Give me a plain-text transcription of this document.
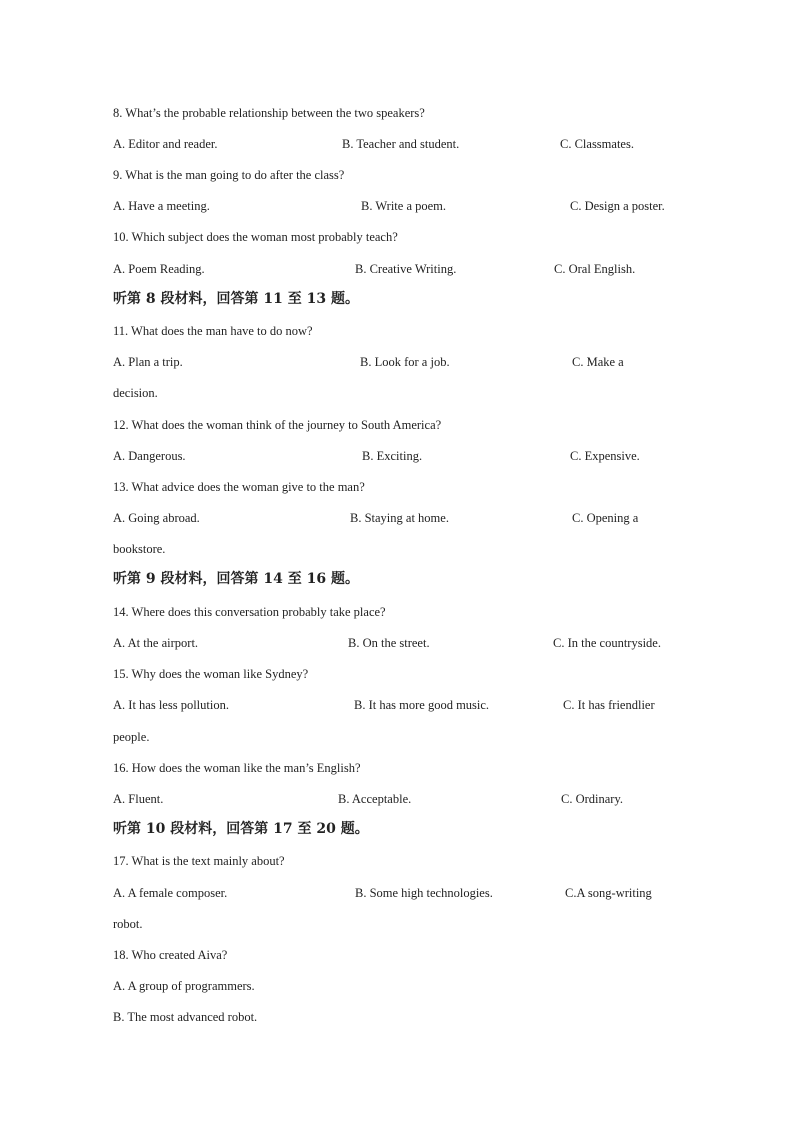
8. What’s the probable relationship between the two speakers?
A. Editor and reader.	B. Teacher and student.	C. Classmates.
9. What is the man going to do after the class?
A. Have a meeting.	B. Write a poem.	C. Design a poster.
10. Which subject does the woman most probably teach?
A. Poem Reading.	B. Creative Writing.	C. Oral English.
听第 8 段材料，回答第 11 至 13 题。
11. What does the man have to do now?
A. Plan a trip.	B. Look for a job.	C. Make a
decision.
12. What does the woman think of the journey to South America?
A. Dangerous.	B. Exciting.	C. Expensive.
13. What advice does the woman give to the man?
A. Going abroad.	B. Staying at home.	C. Opening a
bookstore.
听第 9 段材料，回答第 14 至 16 题。
14. Where does this conversation probably take place?
A. At the airport.	B. On the street.	C. In the countryside.
15. Why does the woman like Sydney?
A. It has less pollution.	B. It has more good music.	C. It has friendlier
people.
16. How does the woman like the man’s English?
A. Fluent.	B. Acceptable.	C. Ordinary.
听第 10 段材料，回答第 17 至 20 题。
17. What is the text mainly about?
A. A female composer.	B. Some high technologies.	C.A song-writing
robot.
18. Who created Aiva?
A. A group of programmers.
B. The most advanced robot.
